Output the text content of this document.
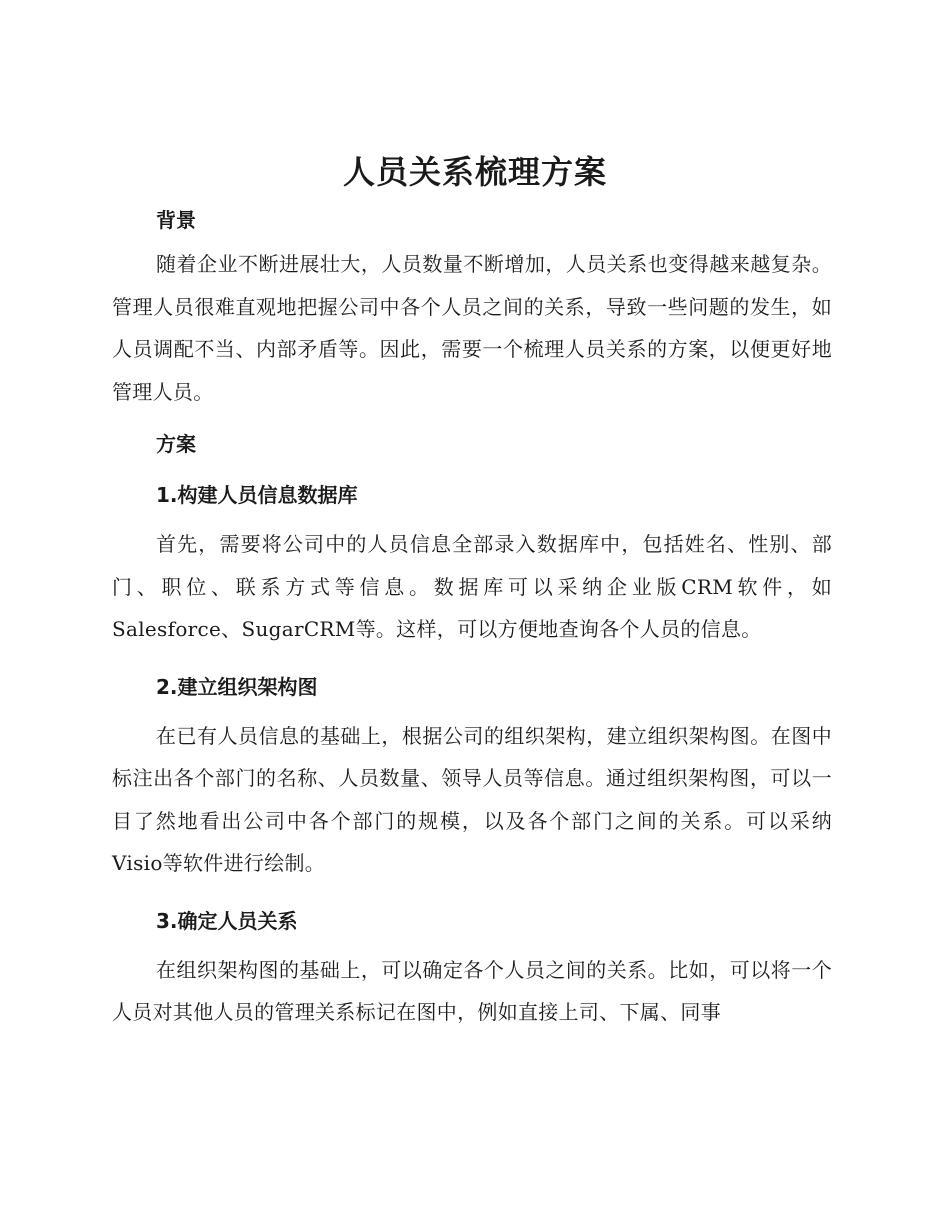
人员关系梳理方案
背景

随着企业不断进展壮大，人员数量不断增加，人员关系也变得越来越复杂。管理人员很难直观地把握公司中各个人员之间的关系，导致一些问题的发生，如人员调配不当、内部矛盾等。因此，需要一个梳理人员关系的方案，以便更好地管理人员。

方案
1.构建人员信息数据库

首先，需要将公司中的人员信息全部录入数据库中，包括姓名、性别、部门、职位、联系方式等信息。数据库可以采纳企业版CRM软件，如Salesforce、SugarCRM等。这样，可以方便地查询各个人员的信息。

2.建立组织架构图

在已有人员信息的基础上，根据公司的组织架构，建立组织架构图。在图中标注出各个部门的名称、人员数量、领导人员等信息。通过组织架构图，可以一目了然地看出公司中各个部门的规模，以及各个部门之间的关系。可以采纳Visio等软件进行绘制。

3.确定人员关系

在组织架构图的基础上，可以确定各个人员之间的关系。比如，可以将一个人员对其他人员的管理关系标记在图中，例如直接上司、下属、同事
